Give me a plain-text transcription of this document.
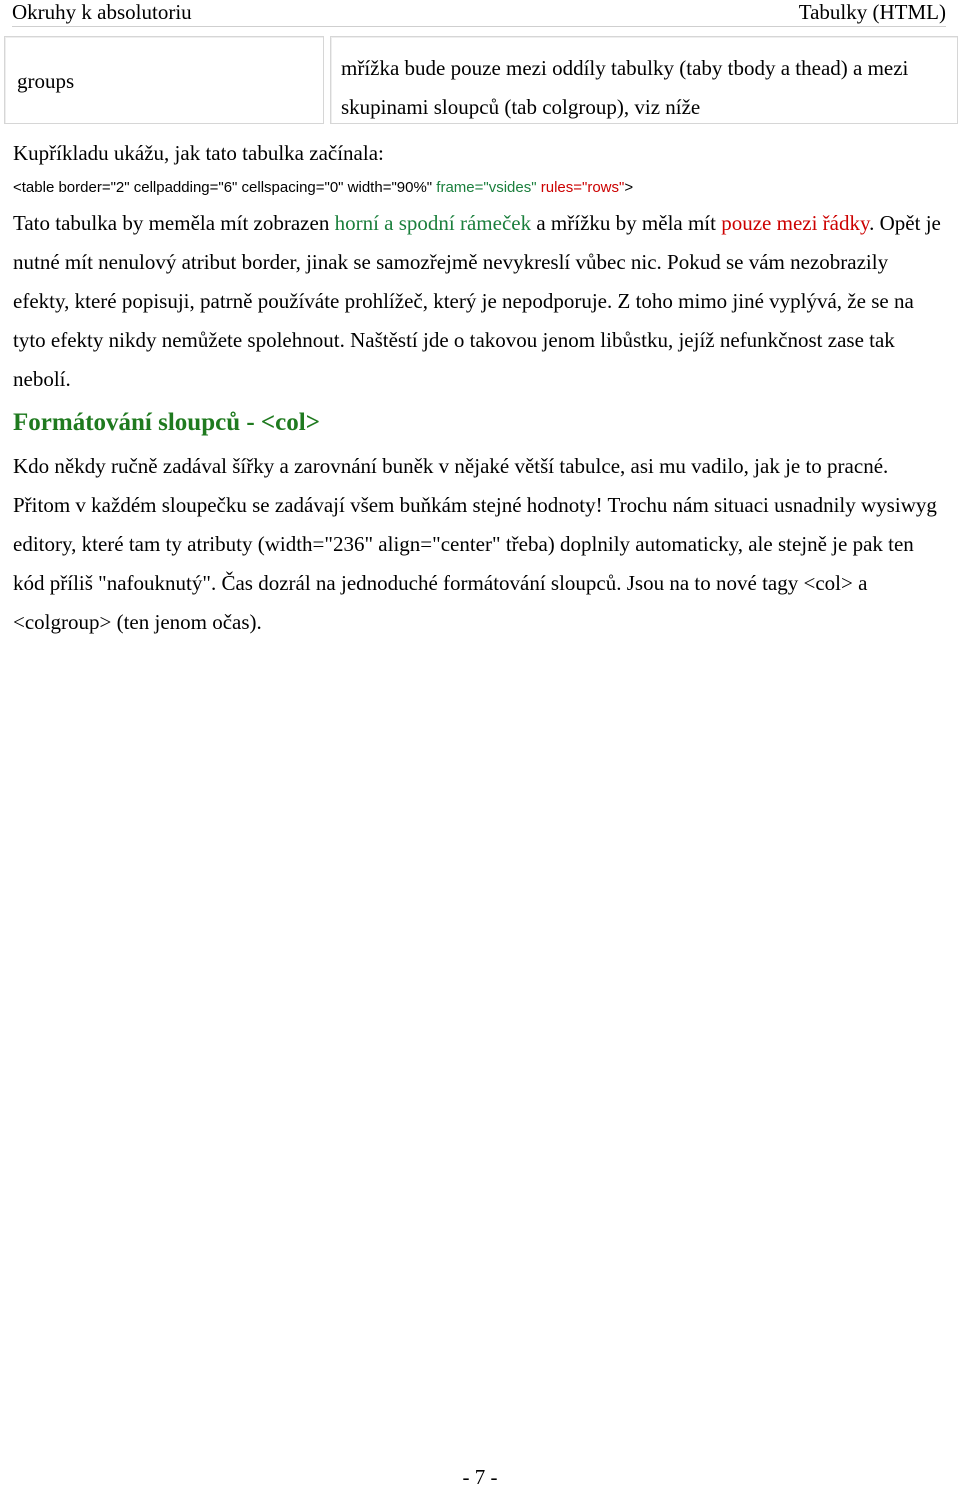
Okruhy k absolutoriu	Tabulky (HTML)
groups
mřížka bude pouze mezi oddíly tabulky (taby tbody a thead) a mezi skupinami sloupců (tab colgroup), viz níže
Kupříkladu ukážu, jak tato tabulka začínala:
<table border="2" cellpadding="6" cellspacing="0" width="90%" frame="vsides" rules="rows">
Tato tabulka by meměla mít zobrazen horní a spodní rámeček a mřížku by měla mít pouze mezi řádky. Opět je nutné mít nenulový atribut border, jinak se samozřejmě nevykreslí vůbec nic. Pokud se vám nezobrazily efekty, které popisuji, patrně používáte prohlížeč, který je nepodporuje. Z toho mimo jiné vyplývá, že se na tyto efekty nikdy nemůžete spolehnout. Naštěstí jde o takovou jenom libůstku, jejíž nefunkčnost zase tak nebolí.
Formátování sloupců - <col>
Kdo někdy ručně zadával šířky a zarovnání buněk v nějaké větší tabulce, asi mu vadilo, jak je to pracné. Přitom v každém sloupečku se zadávají všem buňkám stejné hodnoty! Trochu nám situaci usnadnily wysiwyg editory, které tam ty atributy (width="236" align="center" třeba) doplnily automaticky, ale stejně je pak ten kód příliš "nafouknutý". Čas dozrál na jednoduché formátování sloupců. Jsou na to nové tagy <col> a <colgroup> (ten jenom očas).
- 7 -
